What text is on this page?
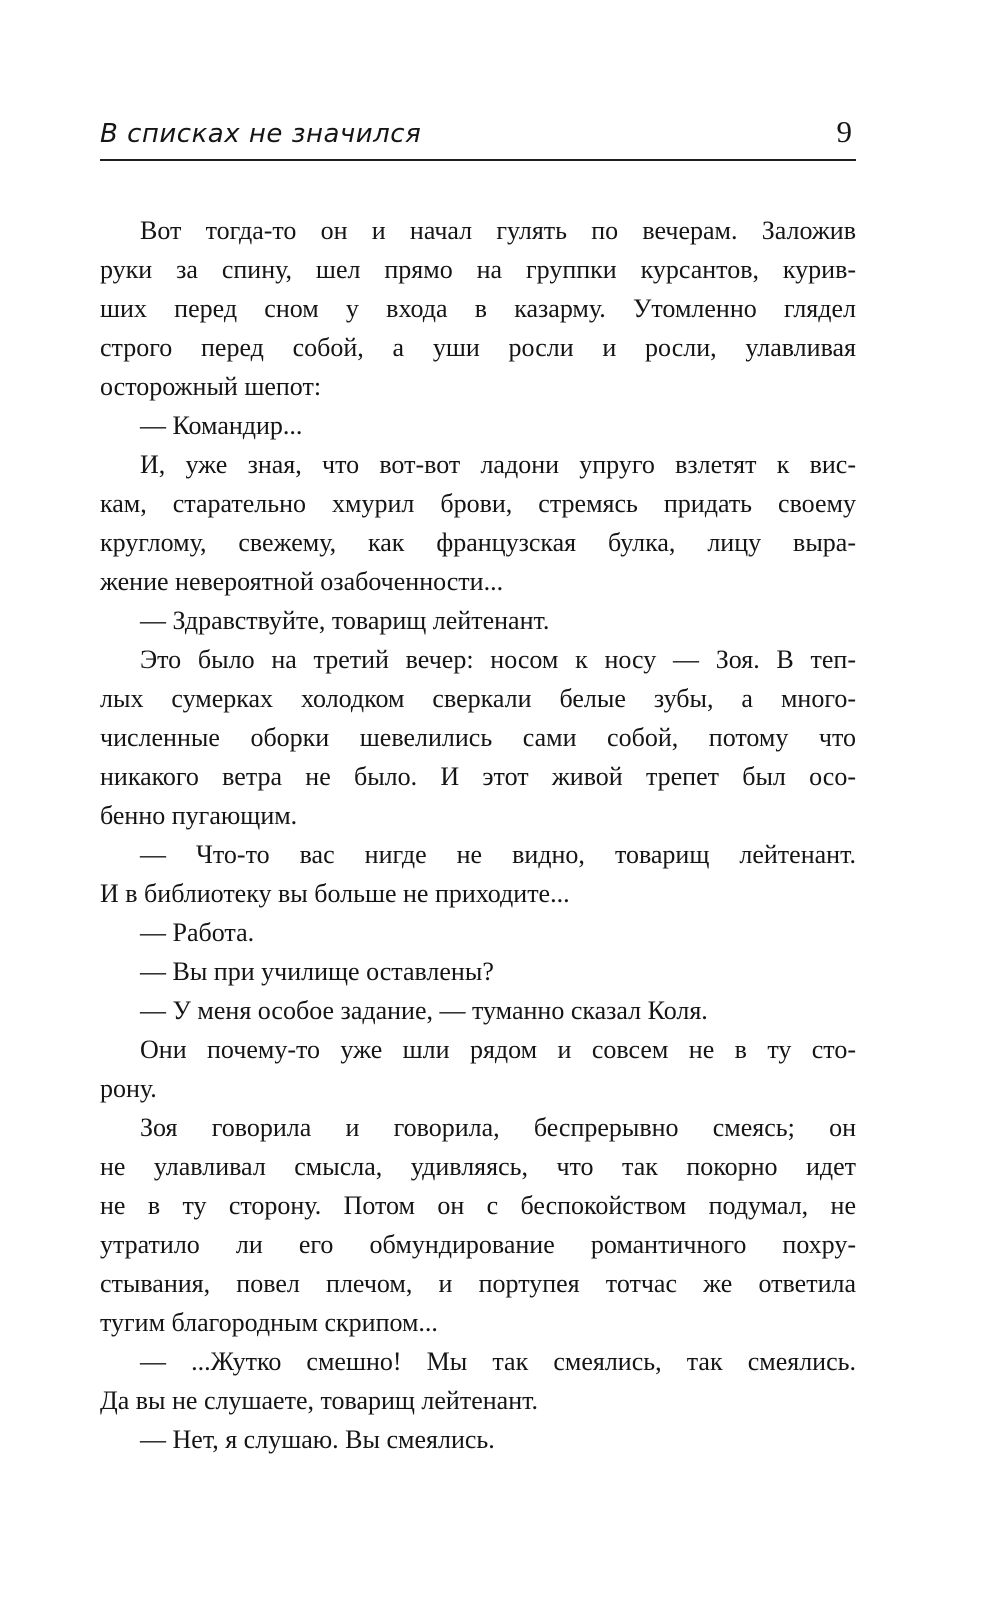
В списках не значился	9
Вот тогда-то он и начал гулять по вечерам. Заложив
руки за спину, шел прямо на группки курсантов, курив-
ших перед сном у входа в казарму. Утомленно глядел
строго перед собой, а уши росли и росли, улавливая
осторожный шепот:
— Командир...
И, уже зная, что вот-вот ладони упруго взлетят к вис-
кам, старательно хмурил брови, стремясь придать своему
круглому, свежему, как французская булка, лицу выра-
жение невероятной озабоченности...
— Здравствуйте, товарищ лейтенант.
Это было на третий вечер: носом к носу — Зоя. В теп-
лых сумерках холодком сверкали белые зубы, а много-
численные оборки шевелились сами собой, потому что
никакого ветра не было. И этот живой трепет был осо-
бенно пугающим.
— Что-то вас нигде не видно, товарищ лейтенант.
И в библиотеку вы больше не приходите...
— Работа.
— Вы при училище оставлены?
— У меня особое задание, — туманно сказал Коля.
Они почему-то уже шли рядом и совсем не в ту сто-
рону.
Зоя говорила и говорила, беспрерывно смеясь; он
не улавливал смысла, удивляясь, что так покорно идет
не в ту сторону. Потом он с беспокойством подумал, не
утратило ли его обмундирование романтичного похру-
стывания, повел плечом, и портупея тотчас же ответила
тугим благородным скрипом...
— ...Жутко смешно! Мы так смеялись, так смеялись.
Да вы не слушаете, товарищ лейтенант.
— Нет, я слушаю. Вы смеялись.
